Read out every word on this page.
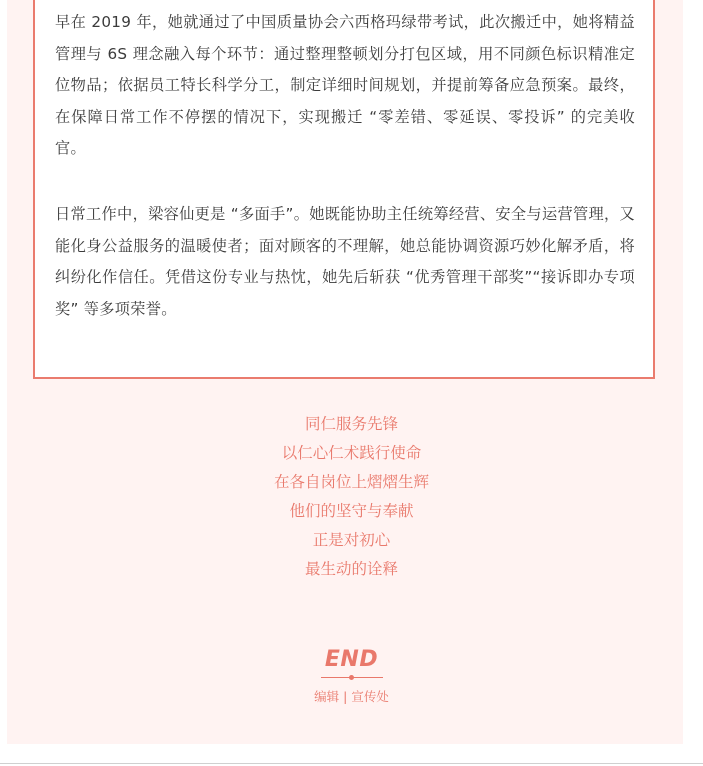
早在 2019 年，她就通过了中国质量协会六西格玛绿带考试，此次搬迁中，她将精益管理与 6S 理念融入每个环节：通过整理整顿划分打包区域，用不同颜色标识精准定位物品；依据员工特长科学分工，制定详细时间规划，并提前筹备应急预案。最终，在保障日常工作不停摆的情况下，实现搬迁 “零差错、零延误、零投诉” 的完美收官。

日常工作中，梁容仙更是 “多面手”。她既能协助主任统筹经营、安全与运营管理，又能化身公益服务的温暖使者；面对顾客的不理解，她总能协调资源巧妙化解矛盾，将纠纷化作信任。凭借这份专业与热忱，她先后斩获 “优秀管理干部奖”“接诉即办专项奖” 等多项荣誉。

同仁服务先锋
以仁心仁术践行使命
在各自岗位上熠熠生辉
他们的坚守与奉献
正是对初心
最生动的诠释
END
编辑 | 宣传处
